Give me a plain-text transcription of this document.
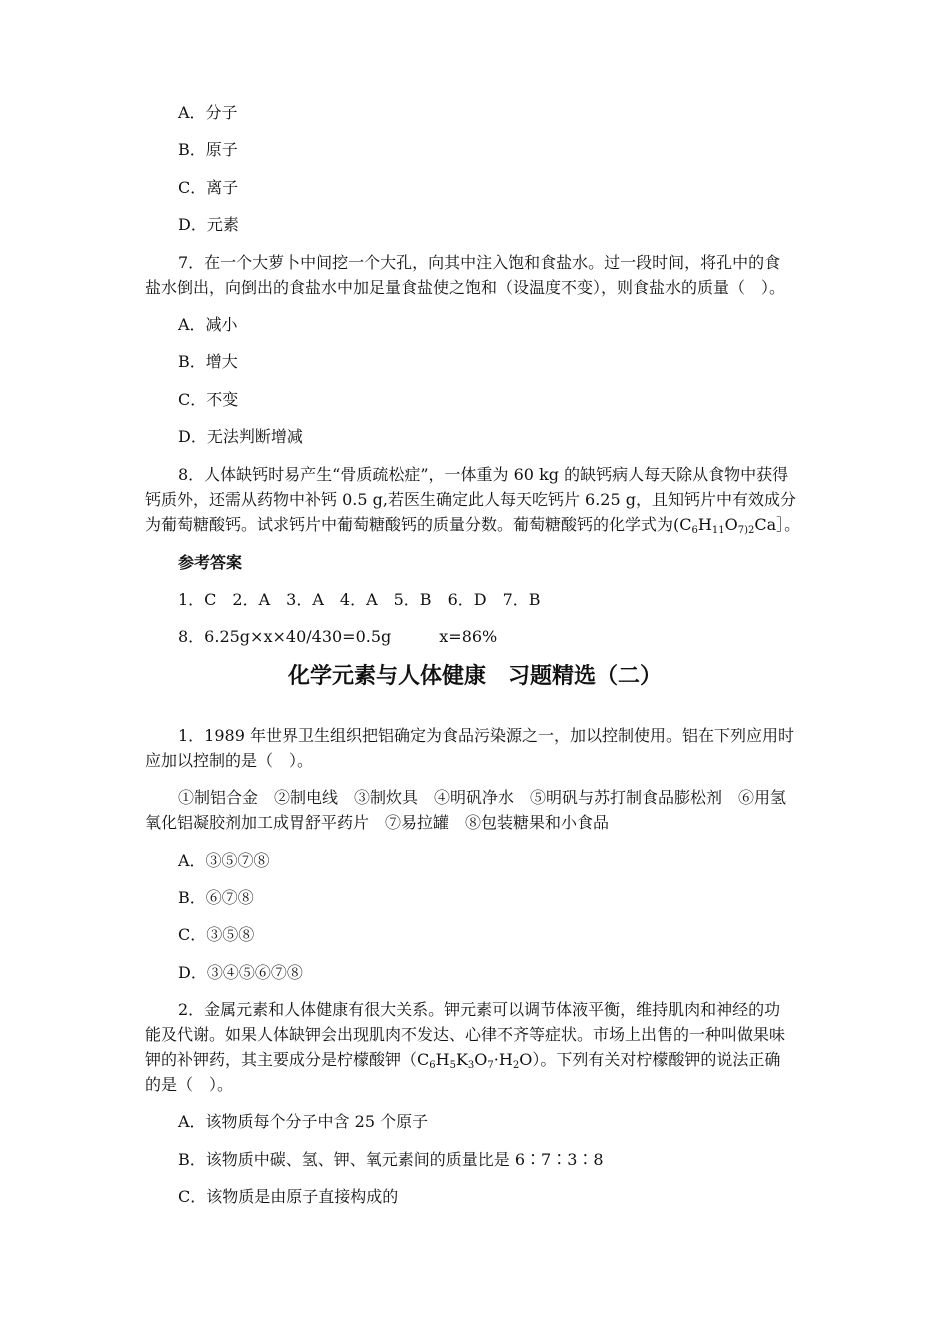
A．分子
B．原子
C．离子
D．元素
7．在一个大萝卜中间挖一个大孔，向其中注入饱和食盐水。过一段时间，将孔中的食
盐水倒出，向倒出的食盐水中加足量食盐使之饱和（设温度不变），则食盐水的质量（　）。
A．减小
B．增大
C．不变
D．无法判断增减
8．人体缺钙时易产生“骨质疏松症”，一体重为 60 kg 的缺钙病人每天除从食物中获得
钙质外，还需从药物中补钙 0.5 g,若医生确定此人每天吃钙片 6.25 g，且知钙片中有效成分
为葡萄糖酸钙。试求钙片中葡萄糖酸钙的质量分数。葡萄糖酸钙的化学式为($C_6H_{11}O_{7)2}Ca]$。
参考答案
1．C　2．A　3．A　4．A　5．B　6．D　7．B
8．6.25g×x×40/430=0.5g　　　x=86%
化学元素与人体健康　习题精选（二）
1．1989 年世界卫生组织把铝确定为食品污染源之一，加以控制使用。铝在下列应用时
应加以控制的是（　）。
①制铝合金　②制电线　③制炊具　④明矾净水　⑤明矾与苏打制食品膨松剂　⑥用氢
氧化铝凝胶剂加工成胃舒平药片　⑦易拉罐　⑧包装糖果和小食品
A．③⑤⑦⑧
B．⑥⑦⑧
C．③⑤⑧
D．③④⑤⑥⑦⑧
2．金属元素和人体健康有很大关系。钾元素可以调节体液平衡，维持肌肉和神经的功
能及代谢。如果人体缺钾会出现肌肉不发达、心律不齐等症状。市场上出售的一种叫做果味
钾的补钾药，其主要成分是柠檬酸钾$(C_6H_5K_3O_7\cdot H_2O)$。下列有关对柠檬酸钾的说法正确
的是（　）。
A．该物质每个分子中含 25 个原子
B．该物质中碳、氢、钾、氧元素间的质量比是 6∶7∶3∶8
C．该物质是由原子直接构成的
